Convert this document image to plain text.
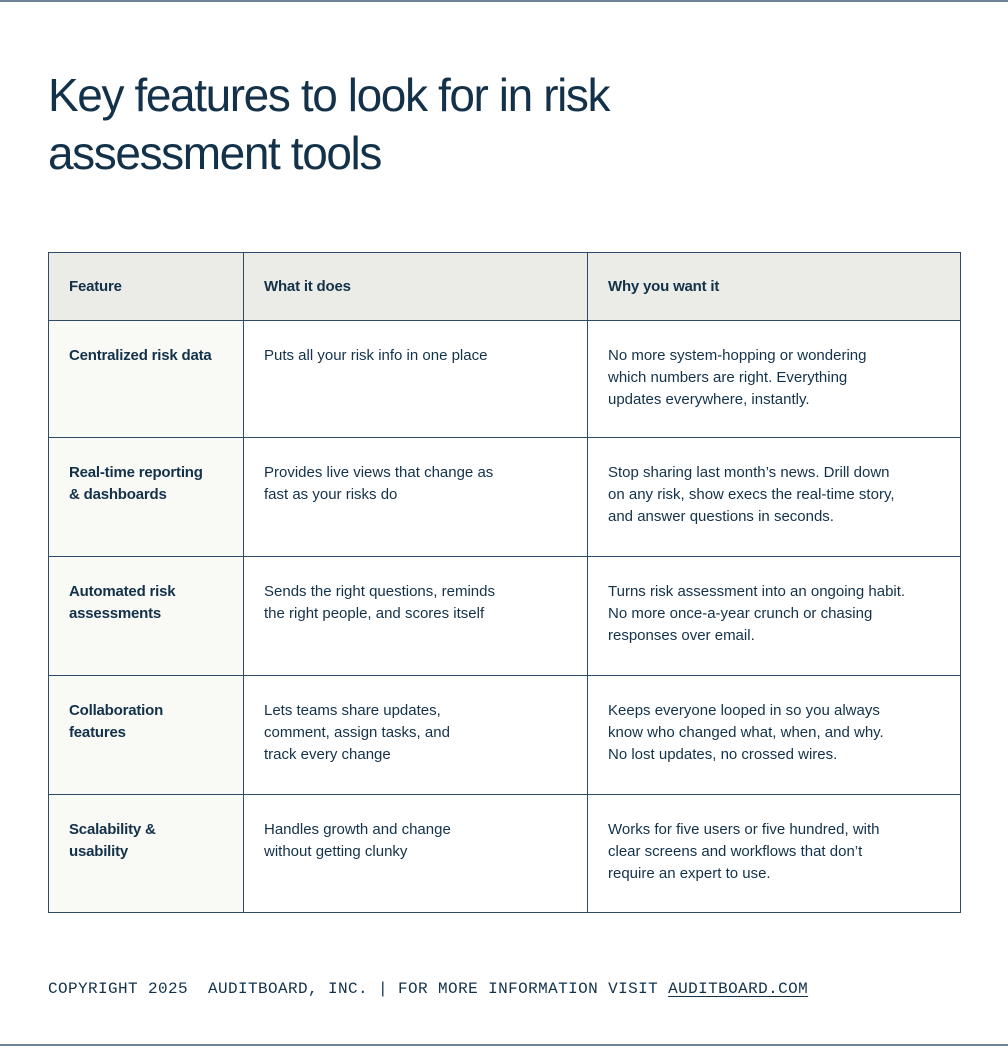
Key features to look for in risk
assessment tools
Feature	What it does	Why you want it

Centralized risk data	Puts all your risk info in one place	No more system-hopping or wondering
which numbers are right. Everything
updates everywhere, instantly.

Real-time reporting
& dashboards	Provides live views that change as
fast as your risks do	Stop sharing last month’s news. Drill down
on any risk, show execs the real-time story,
and answer questions in seconds.

Automated risk
assessments	Sends the right questions, reminds
the right people, and scores itself	Turns risk assessment into an ongoing habit.
No more once-a-year crunch or chasing
responses over email.

Collaboration
features	Lets teams share updates,
comment, assign tasks, and
track every change	Keeps everyone looped in so you always
know who changed what, when, and why.
No lost updates, no crossed wires.

Scalability &
usability	Handles growth and change
without getting clunky	Works for five users or five hundred, with
clear screens and workflows that don’t
require an expert to use.
COPYRIGHT 2025  AUDITBOARD, INC. | FOR MORE INFORMATION VISIT AUDITBOARD.COM
